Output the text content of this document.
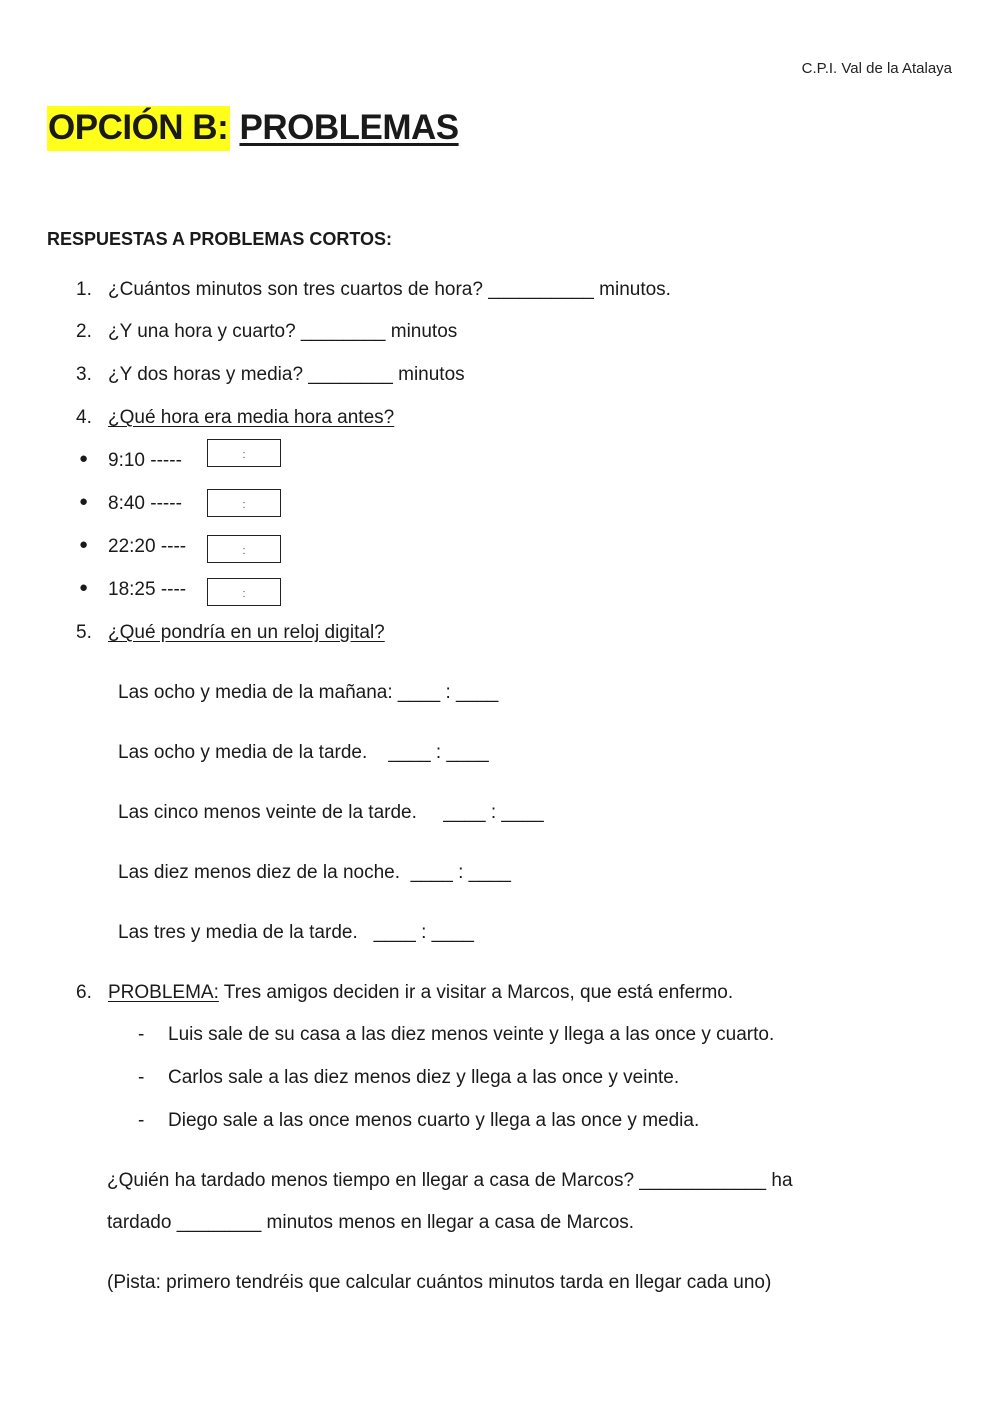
C.P.I. Val de la Atalaya
OPCIÓN B: PROBLEMAS
RESPUESTAS A PROBLEMAS CORTOS:
1. ¿Cuántos minutos son tres cuartos de hora? __________ minutos.
2. ¿Y una hora y cuarto? ________ minutos
3. ¿Y dos horas y media? ________ minutos
4. ¿Qué hora era media hora antes?
● 9:10 -----	:
● 8:40 -----	:
● 22:20 ----	:
● 18:25 ----	:
5. ¿Qué pondría en un reloj digital?
Las ocho y media de la mañana: ____ : ____
Las ocho y media de la tarde.    ____ : ____
Las cinco menos veinte de la tarde.     ____ : ____
Las diez menos diez de la noche.  ____ : ____
Las tres y media de la tarde.   ____ : ____
6. PROBLEMA: Tres amigos deciden ir a visitar a Marcos, que está enfermo.
- Luis sale de su casa a las diez menos veinte y llega a las once y cuarto.
- Carlos sale a las diez menos diez y llega a las once y veinte.
- Diego sale a las once menos cuarto y llega a las once y media.
¿Quién ha tardado menos tiempo en llegar a casa de Marcos? ____________ ha
tardado ________ minutos menos en llegar a casa de Marcos.
(Pista: primero tendréis que calcular cuántos minutos tarda en llegar cada uno)
